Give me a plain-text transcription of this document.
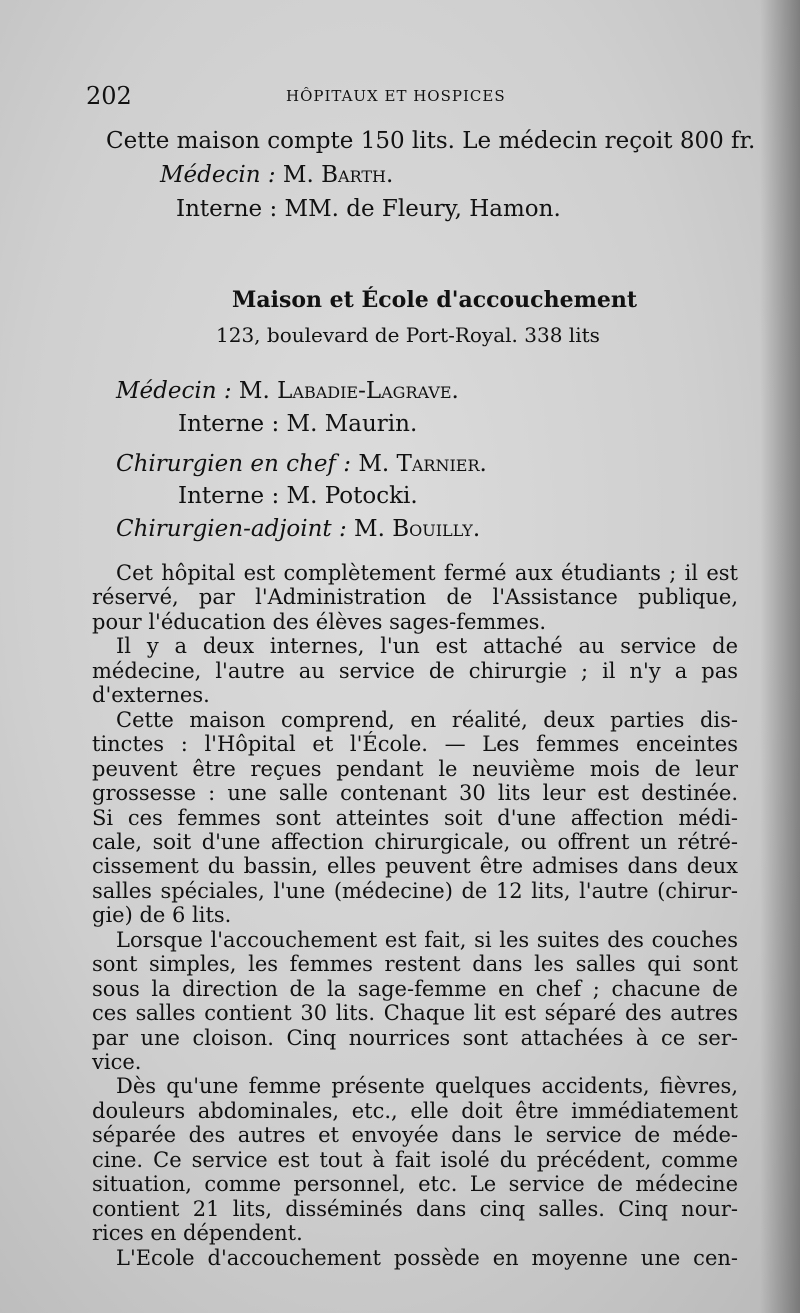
202	HÔPITAUX ET HOSPICES
Cette maison compte 150 lits. Le médecin reçoit 800 fr.
Médecin : M. Barth.
Interne : MM. de Fleury, Hamon.
Maison et École d'accouchement
123, boulevard de Port-Royal. 338 lits
Médecin : M. Labadie-Lagrave.
Interne : M. Maurin.
Chirurgien en chef : M. Tarnier.
Interne : M. Potocki.
Chirurgien-adjoint : M. Bouilly.
Cet hôpital est complètement fermé aux étudiants ; il est
réservé, par l'Administration de l'Assistance publique,
pour l'éducation des élèves sages-femmes.
Il y a deux internes, l'un est attaché au service de
médecine, l'autre au service de chirurgie ; il n'y a pas
d'externes.
Cette maison comprend, en réalité, deux parties dis-
tinctes : l'Hôpital et l'École. — Les femmes enceintes
peuvent être reçues pendant le neuvième mois de leur
grossesse : une salle contenant 30 lits leur est destinée.
Si ces femmes sont atteintes soit d'une affection médi-
cale, soit d'une affection chirurgicale, ou offrent un rétré-
cissement du bassin, elles peuvent être admises dans deux
salles spéciales, l'une (médecine) de 12 lits, l'autre (chirur-
gie) de 6 lits.
Lorsque l'accouchement est fait, si les suites des couches
sont simples, les femmes restent dans les salles qui sont
sous la direction de la sage-femme en chef ; chacune de
ces salles contient 30 lits. Chaque lit est séparé des autres
par une cloison. Cinq nourrices sont attachées à ce ser-
vice.
Dès qu'une femme présente quelques accidents, fièvres,
douleurs abdominales, etc., elle doit être immédiatement
séparée des autres et envoyée dans le service de méde-
cine. Ce service est tout à fait isolé du précédent, comme
situation, comme personnel, etc. Le service de médecine
contient 21 lits, disséminés dans cinq salles. Cinq nour-
rices en dépendent.
L'Ecole d'accouchement possède en moyenne une cen-
